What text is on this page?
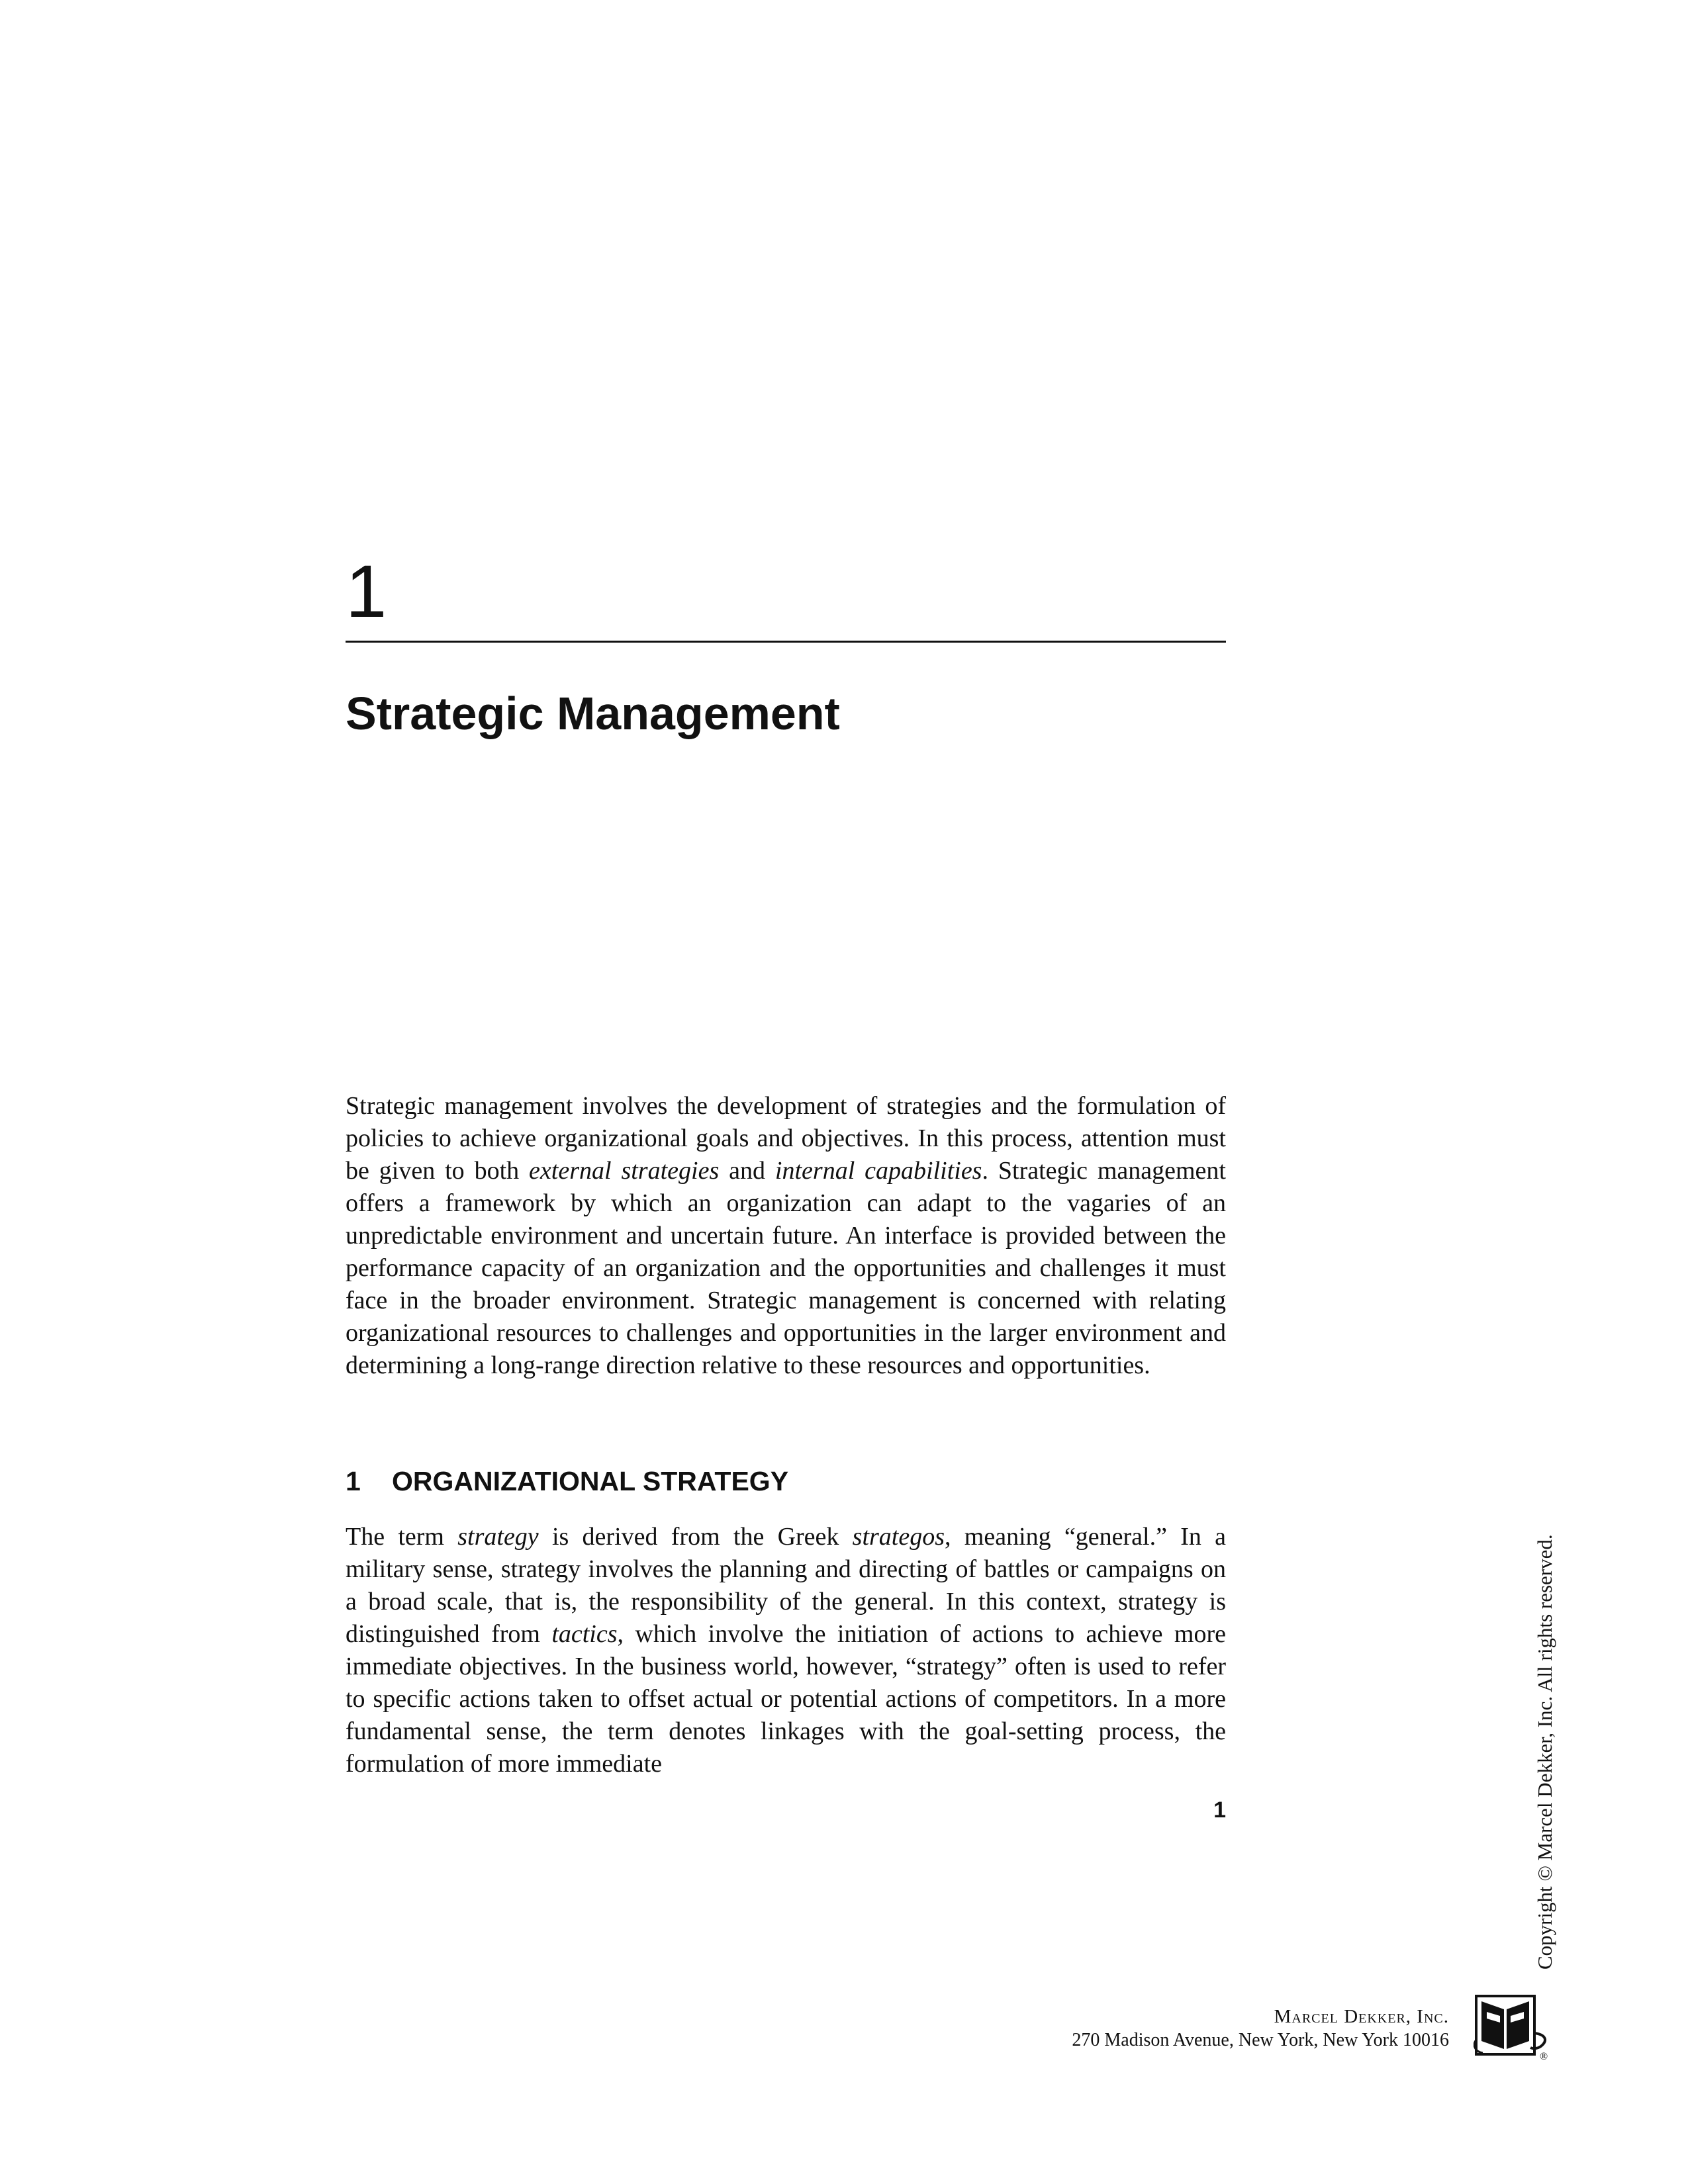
1
Strategic Management

Strategic management involves the development of strategies and the formulation of policies to achieve organizational goals and objectives. In this process, attention must be given to both external strategies and internal capabilities. Strategic management offers a framework by which an organization can adapt to the vagaries of an unpredictable environment and uncertain future. An interface is provided between the performance capacity of an organization and the opportunities and challenges it must face in the broader environment. Strategic management is concerned with relating organizational resources to challenges and opportunities in the larger environment and determining a long-range direction relative to these resources and opportunities.

1 ORGANIZATIONAL STRATEGY

The term strategy is derived from the Greek strategos, meaning “general.” In a military sense, strategy involves the planning and directing of battles or campaigns on a broad scale, that is, the responsibility of the general. In this context, strategy is distinguished from tactics, which involve the initiation of actions to achieve more immediate objectives. In the business world, however, “strategy” often is used to refer to specific actions taken to offset actual or potential actions of competitors. In a more fundamental sense, the term denotes linkages with the goal-setting process, the formulation of more immediate

1	Copyright © Marcel Dekker, Inc. All rights reserved.
Marcel Dekker, Inc.
270 Madison Avenue, New York, New York 10016
®
